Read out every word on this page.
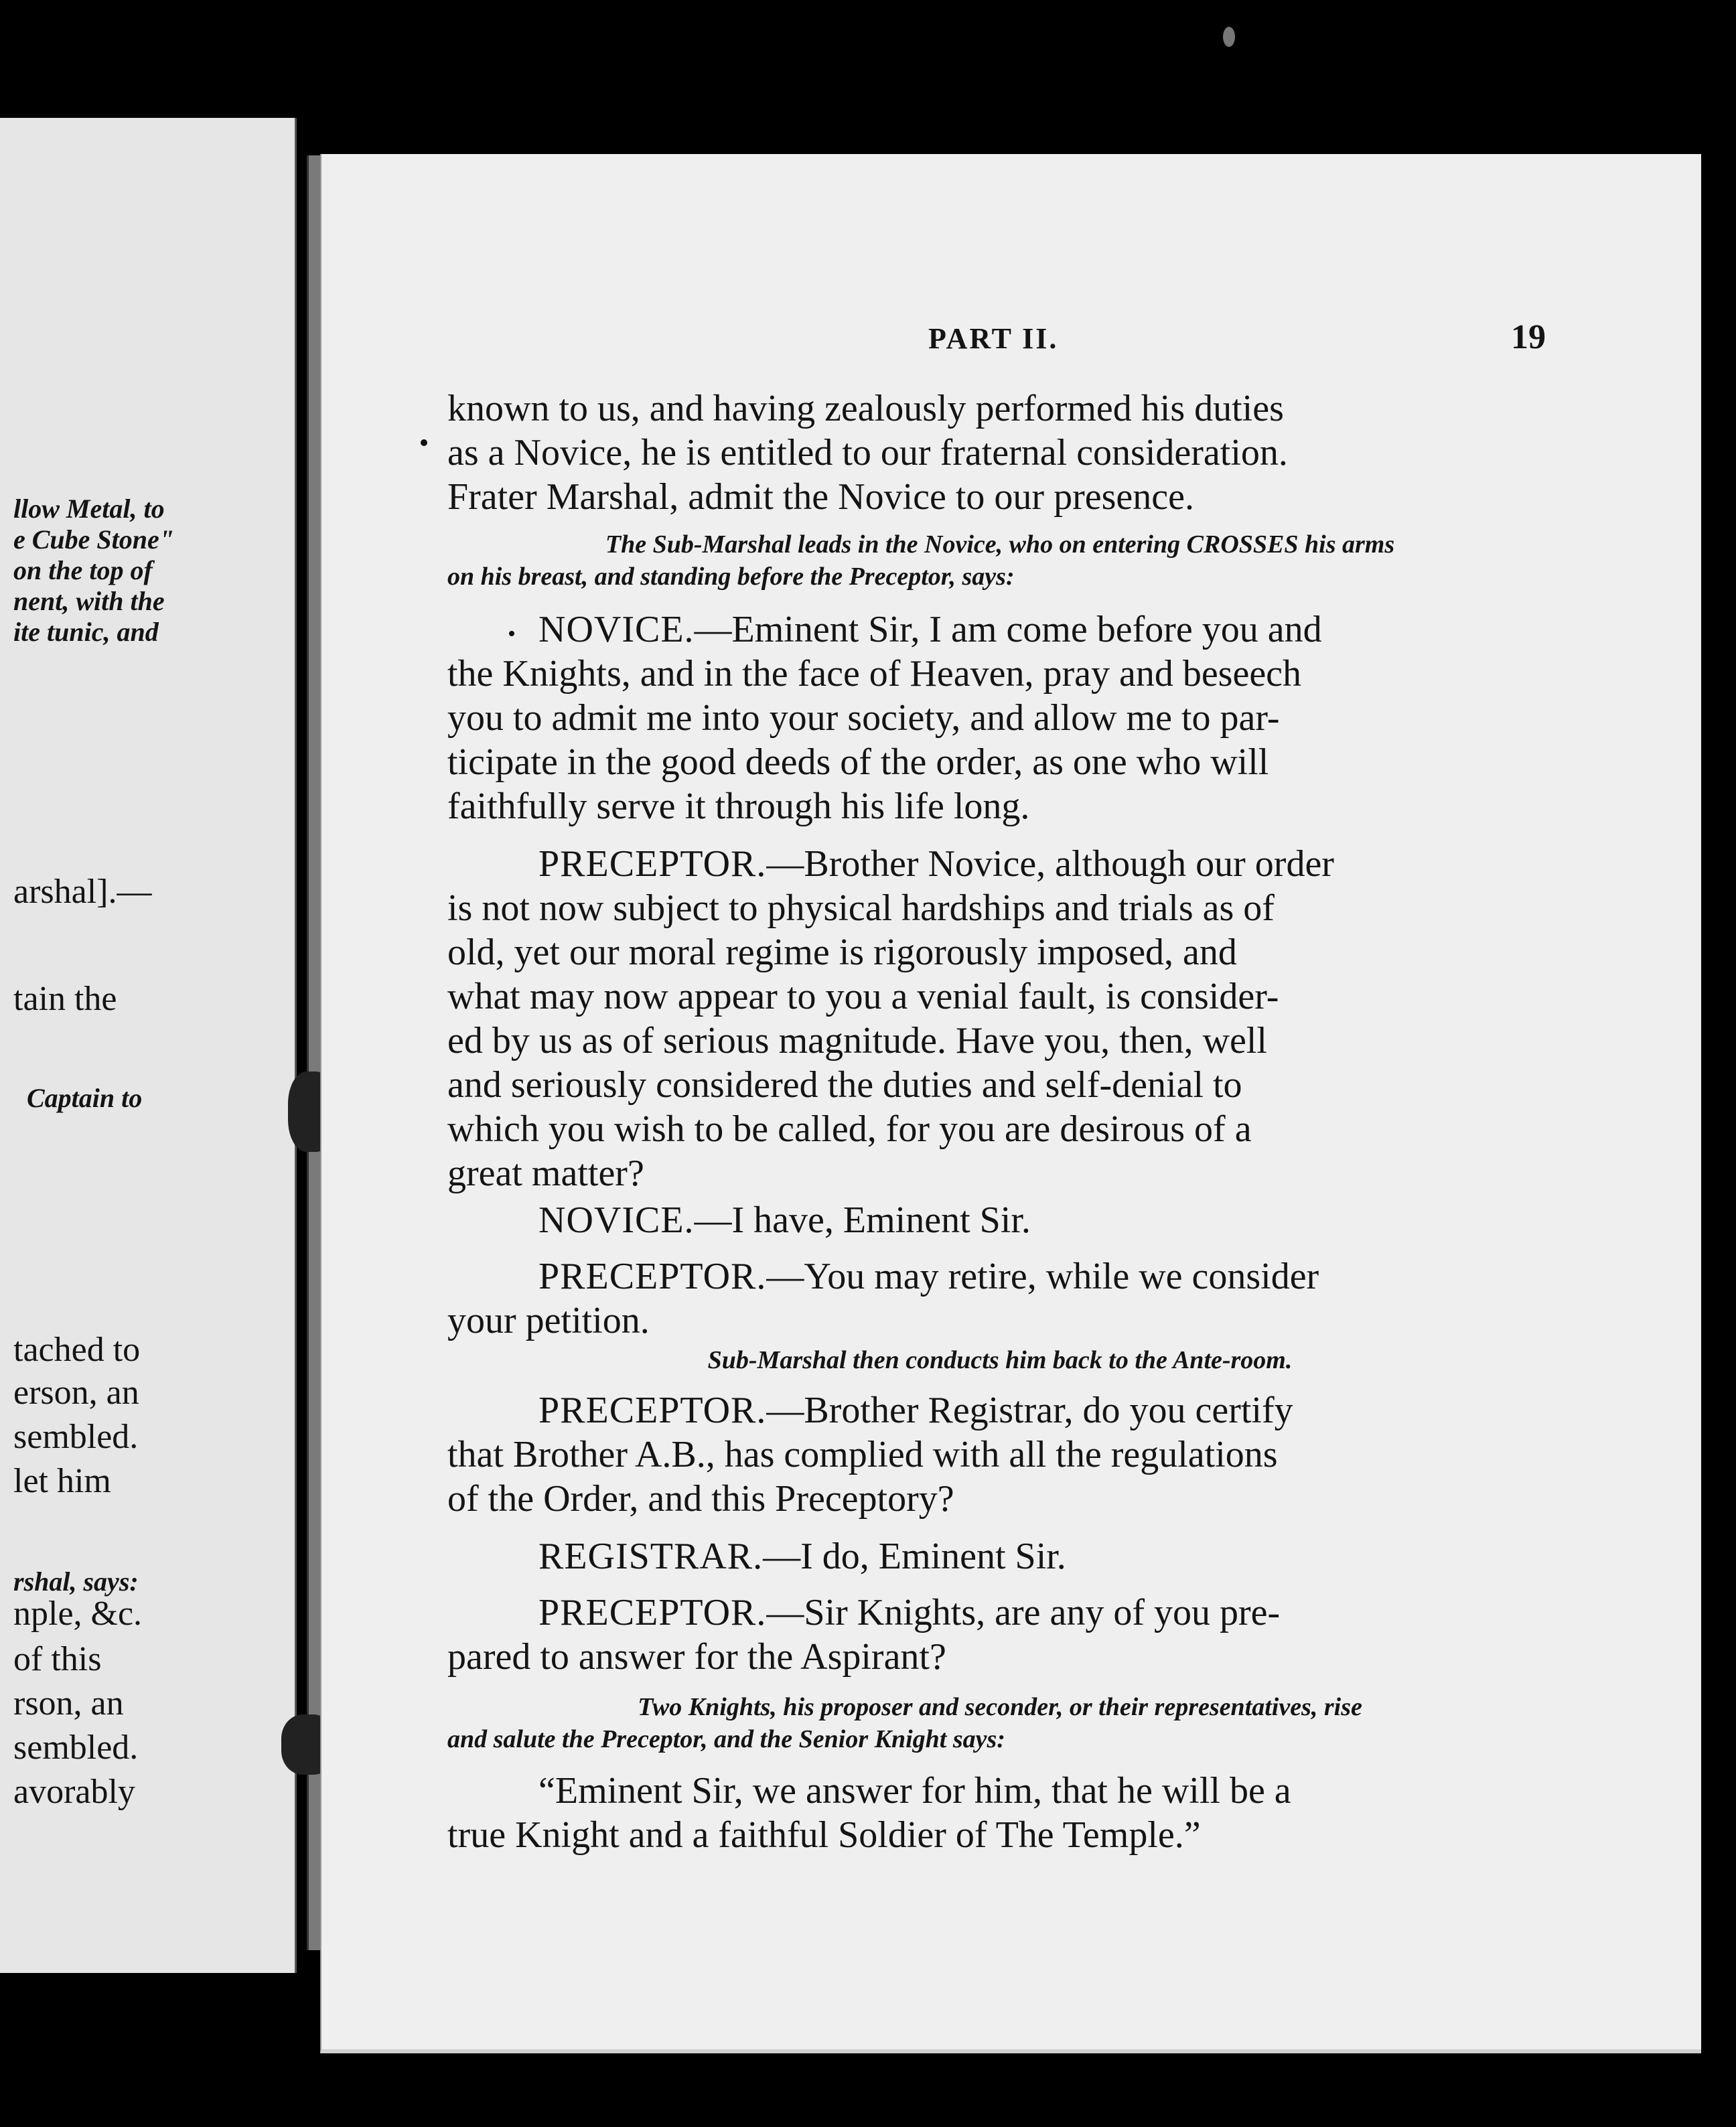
llow Metal, to
e Cube Stone"
on the top of
nent, with the
ite tunic, and
arshal].—
tain the
Captain to
tached to
erson, an
sembled.
let him
rshal, says:
nple, &c.
of this
rson, an
sembled.
avorably
PART II.	19
known to us, and having zealously performed his duties
as a Novice, he is entitled to our fraternal consideration.
Frater Marshal, admit the Novice to our presence.
The Sub-Marshal leads in the Novice, who on entering CROSSES his arms
on his breast, and standing before the Preceptor, says:
NOVICE.—Eminent Sir, I am come before you and
the Knights, and in the face of Heaven, pray and beseech
you to admit me into your society, and allow me to par-
ticipate in the good deeds of the order, as one who will
faithfully serve it through his life long.
PRECEPTOR.—Brother Novice, although our order
is not now subject to physical hardships and trials as of
old, yet our moral regime is rigorously imposed, and
what may now appear to you a venial fault, is consider-
ed by us as of serious magnitude. Have you, then, well
and seriously considered the duties and self-denial to
which you wish to be called, for you are desirous of a
great matter?
NOVICE.—I have, Eminent Sir.
PRECEPTOR.—You may retire, while we consider
your petition.
Sub-Marshal then conducts him back to the Ante-room.
PRECEPTOR.—Brother Registrar, do you certify
that Brother A.B., has complied with all the regulations
of the Order, and this Preceptory?
REGISTRAR.—I do, Eminent Sir.
PRECEPTOR.—Sir Knights, are any of you pre-
pared to answer for the Aspirant?
Two Knights, his proposer and seconder, or their representatives, rise
and salute the Preceptor, and the Senior Knight says:
“Eminent Sir, we answer for him, that he will be a
true Knight and a faithful Soldier of The Temple.”
